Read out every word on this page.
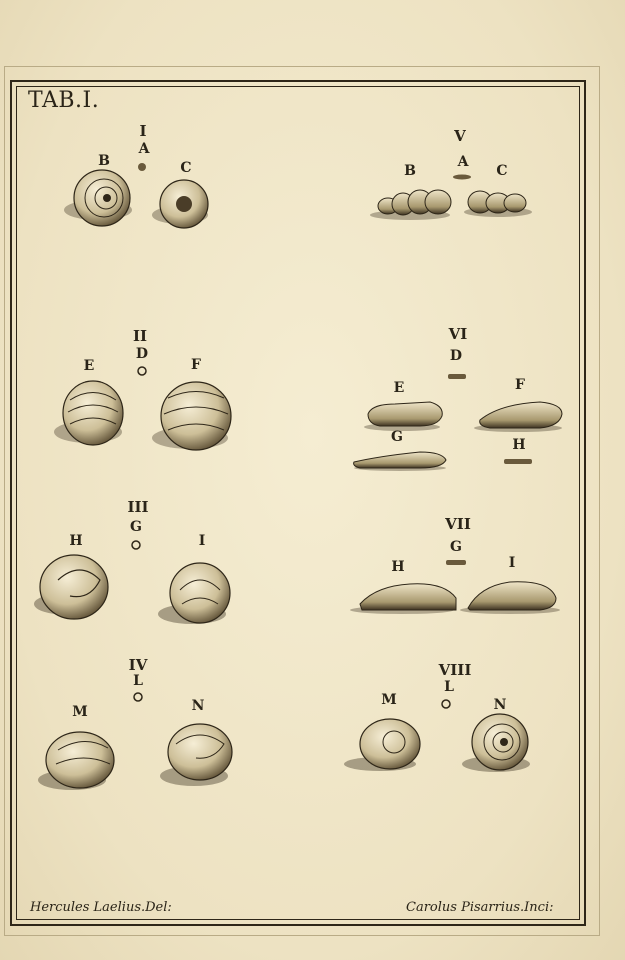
TAB.I.
I
A
B	C
V
A
B	C
II
D
E	F
VI
D
E	F
G	H
III
G
H	I
VII
G
H	I
IV
L
M	N
VIII
L
M	N
Hercules Laelius.Del:	Carolus Pisarrius.Inci:
